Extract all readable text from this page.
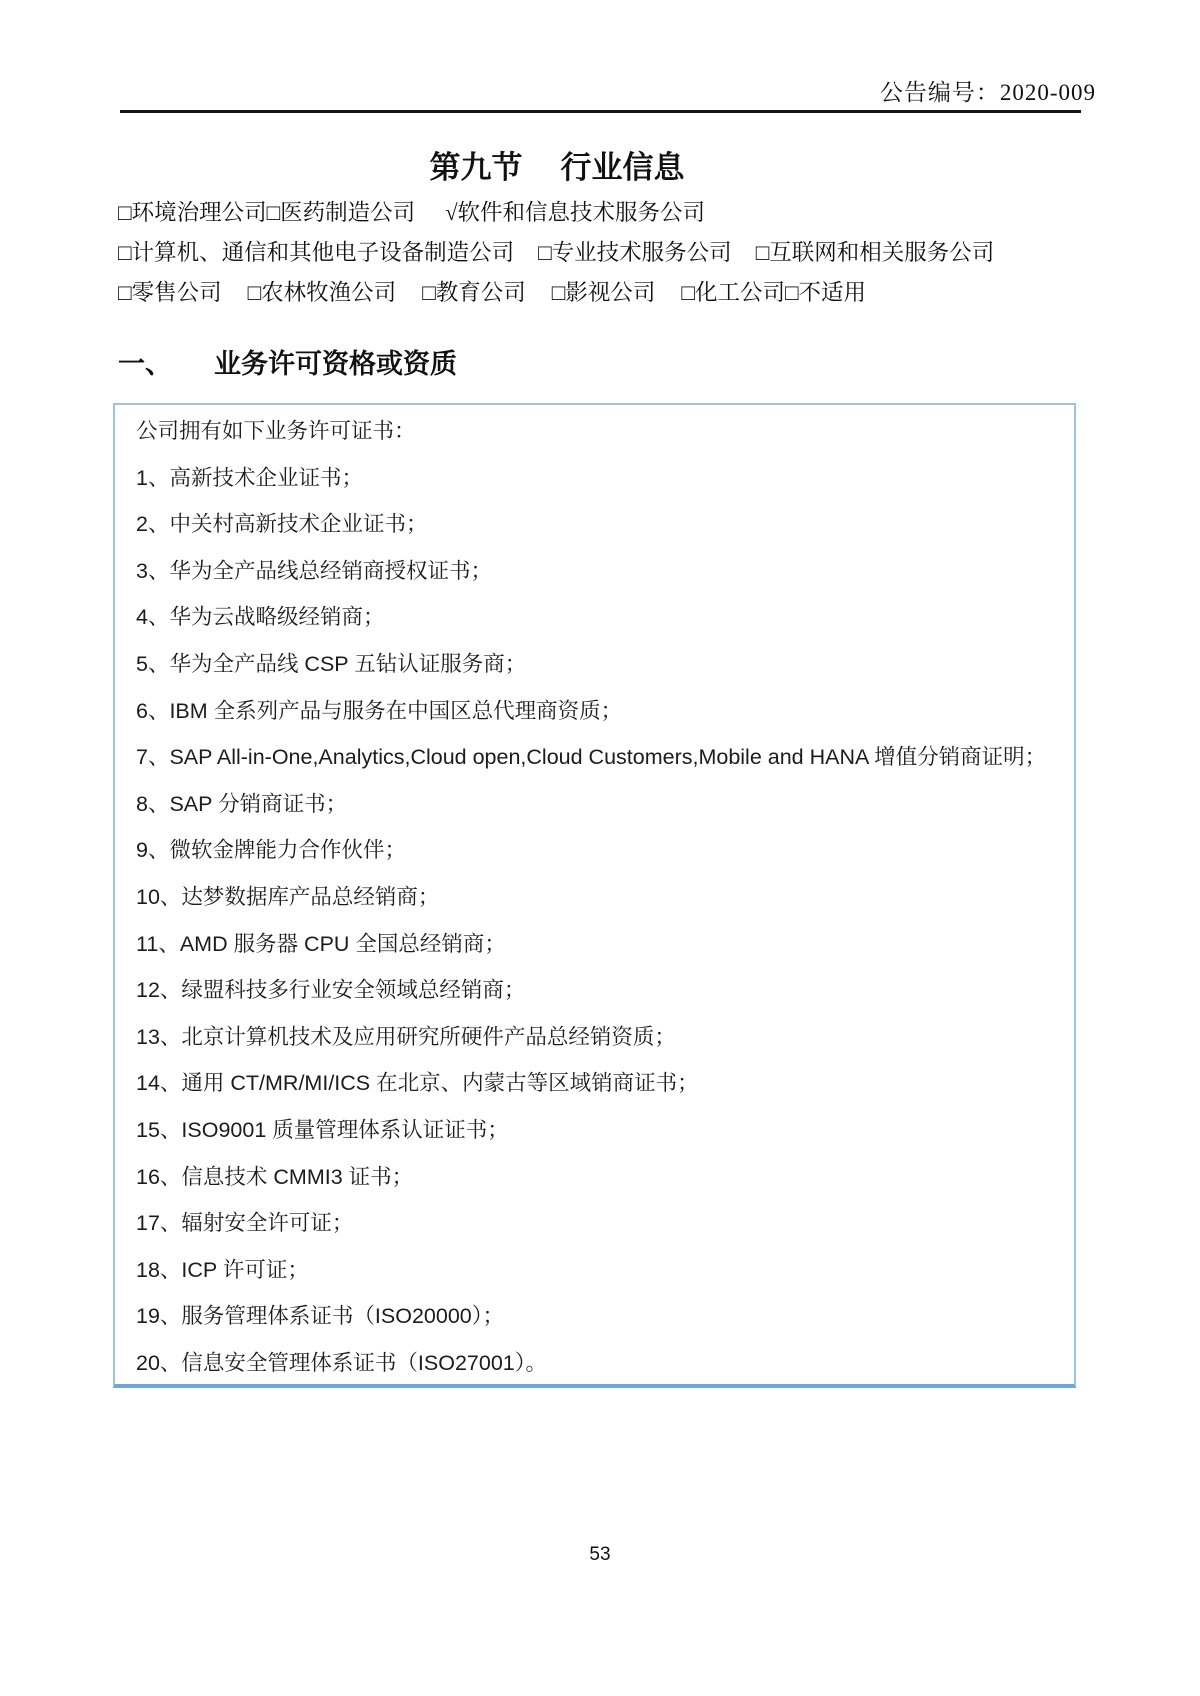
公告编号：2020-009
第九节 行业信息
□环境治理公司□医药制造公司 √软件和信息技术服务公司
□计算机、通信和其他电子设备制造公司 □专业技术服务公司 □互联网和相关服务公司
□零售公司 □农林牧渔公司 □教育公司 □影视公司 □化工公司□不适用
一、 业务许可资格或资质

公司拥有如下业务许可证书：

1、高新技术企业证书；

2、中关村高新技术企业证书；

3、华为全产品线总经销商授权证书；

4、华为云战略级经销商；

5、华为全产品线 CSP 五钻认证服务商；

6、IBM 全系列产品与服务在中国区总代理商资质；

7、SAP All-in-One,Analytics,Cloud open,Cloud Customers,Mobile and HANA 增值分销商证明；

8、SAP 分销商证书；

9、微软金牌能力合作伙伴；

10、达梦数据库产品总经销商；

11、AMD 服务器 CPU 全国总经销商；

12、绿盟科技多行业安全领域总经销商；

13、北京计算机技术及应用研究所硬件产品总经销资质；

14、通用 CT/MR/MI/ICS 在北京、内蒙古等区域销商证书；

15、ISO9001 质量管理体系认证证书；

16、信息技术 CMMI3 证书；

17、辐射安全许可证；

18、ICP 许可证；

19、服务管理体系证书（ISO20000）；

20、信息安全管理体系证书（ISO27001）。

53
